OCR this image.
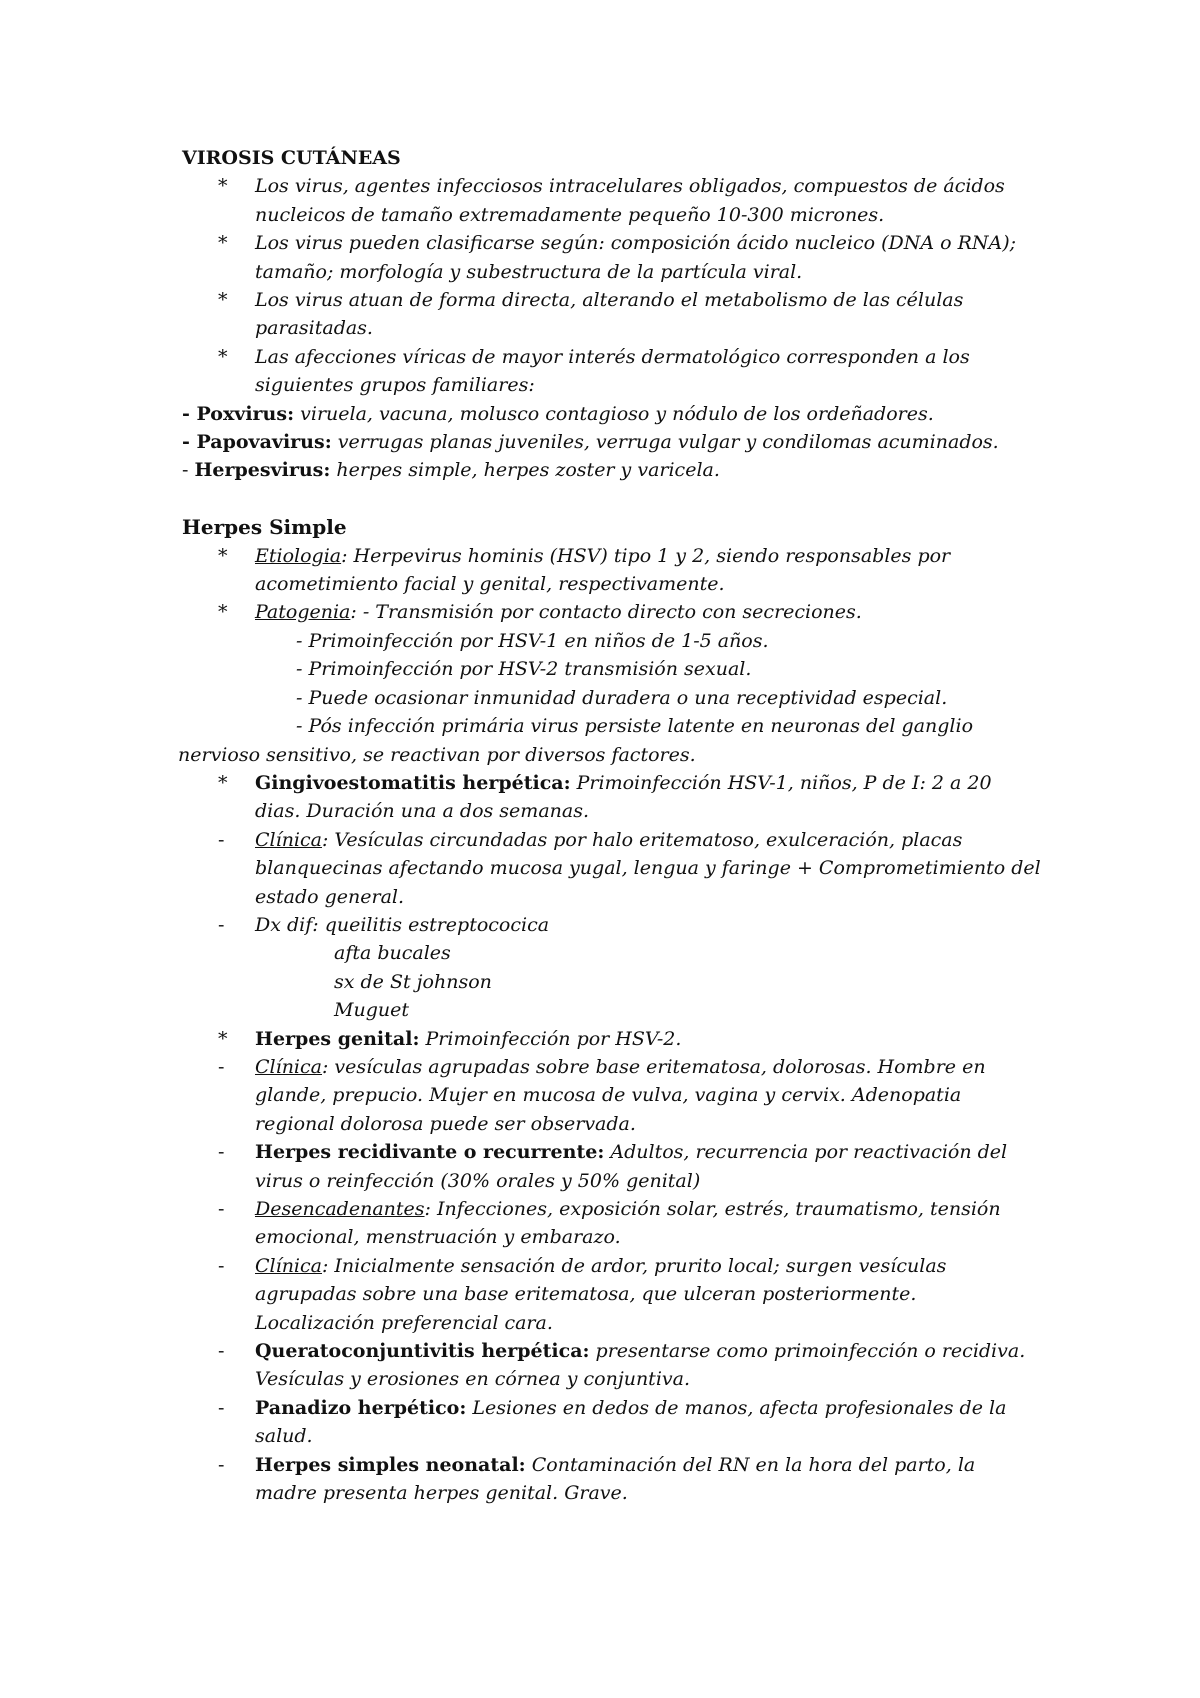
VIROSIS CUTÁNEAS
* Los virus, agentes infecciosos intracelulares obligados, compuestos de ácidos nucleicos de tamaño extremadamente pequeño 10-300 micrones.
* Los virus pueden clasificarse según: composición ácido nucleico (DNA o RNA); tamaño; morfología y subestructura de la partícula viral.
* Los virus atuan de forma directa, alterando el metabolismo de las células parasitadas.
* Las afecciones víricas de mayor interés dermatológico corresponden a los siguientes grupos familiares:
- Poxvirus: viruela, vacuna, molusco contagioso y nódulo de los ordeñadores.
- Papovavirus: verrugas planas juveniles, verruga vulgar y condilomas acuminados.
- Herpesvirus: herpes simple, herpes zoster y varicela.
Herpes Simple
* Etiologia: Herpevirus hominis (HSV) tipo 1 y 2, siendo responsables por acometimiento facial y genital, respectivamente.
* Patogenia: - Transmisión por contacto directo con secreciones.
- Primoinfección por HSV-1 en niños de 1-5 años.
- Primoinfección por HSV-2 transmisión sexual.
- Puede ocasionar inmunidad duradera o una receptividad especial.
- Pós infección primária virus persiste latente en neuronas del ganglio
nervioso sensitivo, se reactivan por diversos factores.
* Gingivoestomatitis herpética: Primoinfección HSV-1, niños, P de I: 2 a 20 dias. Duración una a dos semanas.
- Clínica: Vesículas circundadas por halo eritematoso, exulceración, placas blanquecinas afectando mucosa yugal, lengua y faringe + Comprometimiento del estado general.
- Dx dif: queilitis estreptococica
afta bucales
sx de St johnson
Muguet
* Herpes genital: Primoinfección por HSV-2.
- Clínica: vesículas agrupadas sobre base eritematosa, dolorosas. Hombre en glande, prepucio. Mujer en mucosa de vulva, vagina y cervix. Adenopatia regional dolorosa puede ser observada.
- Herpes recidivante o recurrente: Adultos, recurrencia por reactivación del virus o reinfección (30% orales y 50% genital)
- Desencadenantes: Infecciones, exposición solar, estrés, traumatismo, tensión emocional, menstruación y embarazo.
- Clínica: Inicialmente sensación de ardor, prurito local; surgen vesículas agrupadas sobre una base eritematosa, que ulceran posteriormente. Localización preferencial cara.
- Queratoconjuntivitis herpética: presentarse como primoinfección o recidiva. Vesículas y erosiones en córnea y conjuntiva.
- Panadizo herpético: Lesiones en dedos de manos, afecta profesionales de la salud.
- Herpes simples neonatal: Contaminación del RN en la hora del parto, la madre presenta herpes genital. Grave.
